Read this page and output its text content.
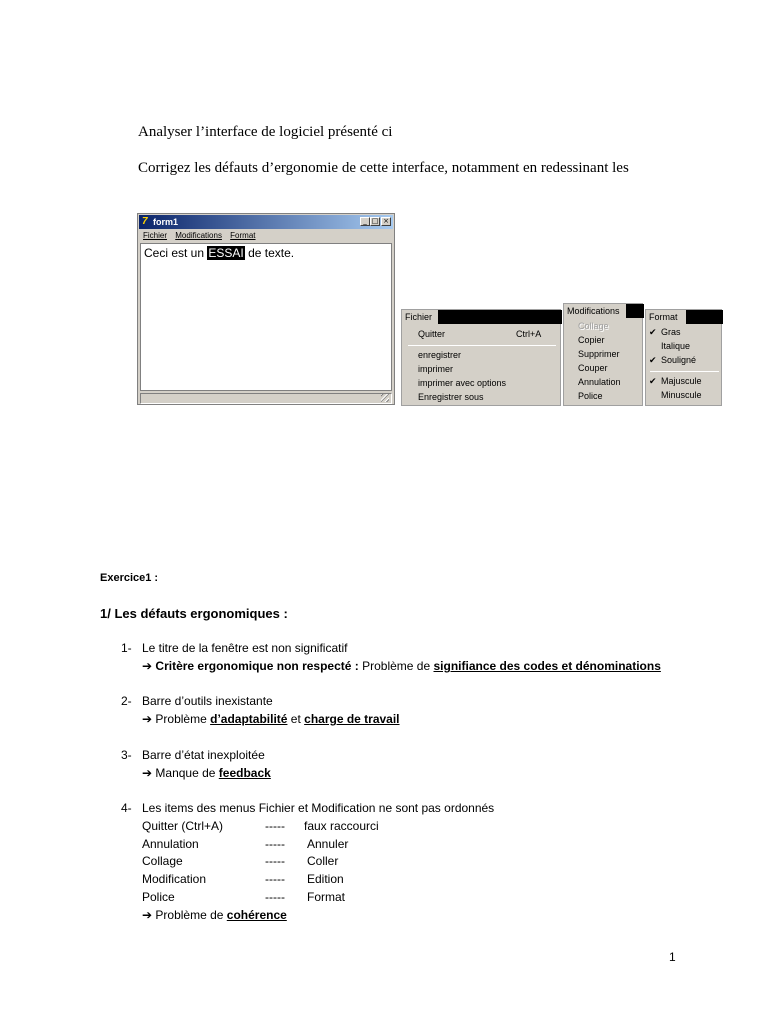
Analyser l’interface de logiciel présenté ci
Corrigez les défauts d’ergonomie de cette interface, notamment en redessinant les
7 form1	_ □ ×
Fichier Modifications Format
Ceci est un ESSAI de texte.
Fichier
Quitter	Ctrl+A
enregistrer
imprimer
imprimer avec options
Enregistrer sous
Modifications
Collage
Copier
Supprimer
Couper
Annulation
Police
Format
✔ Gras
Italique
✔ Souligné
✔ Majuscule
Minuscule
Exercice1 :
1/ Les défauts ergonomiques :
1- Le titre de la fenêtre est non significatif
➔ Critère ergonomique non respecté : Problème de signifiance des codes et dénominations
2- Barre d’outils inexistante
➔ Problème d’adaptabilité et charge de travail
3- Barre d’état inexploitée
➔ Manque de feedback
4- Les items des menus Fichier et Modification ne sont pas ordonnés
Quitter (Ctrl+A)	----- faux raccourci
Annulation	----- Annuler
Collage	----- Coller
Modification	----- Edition
Police	----- Format
➔ Problème de cohérence
1
